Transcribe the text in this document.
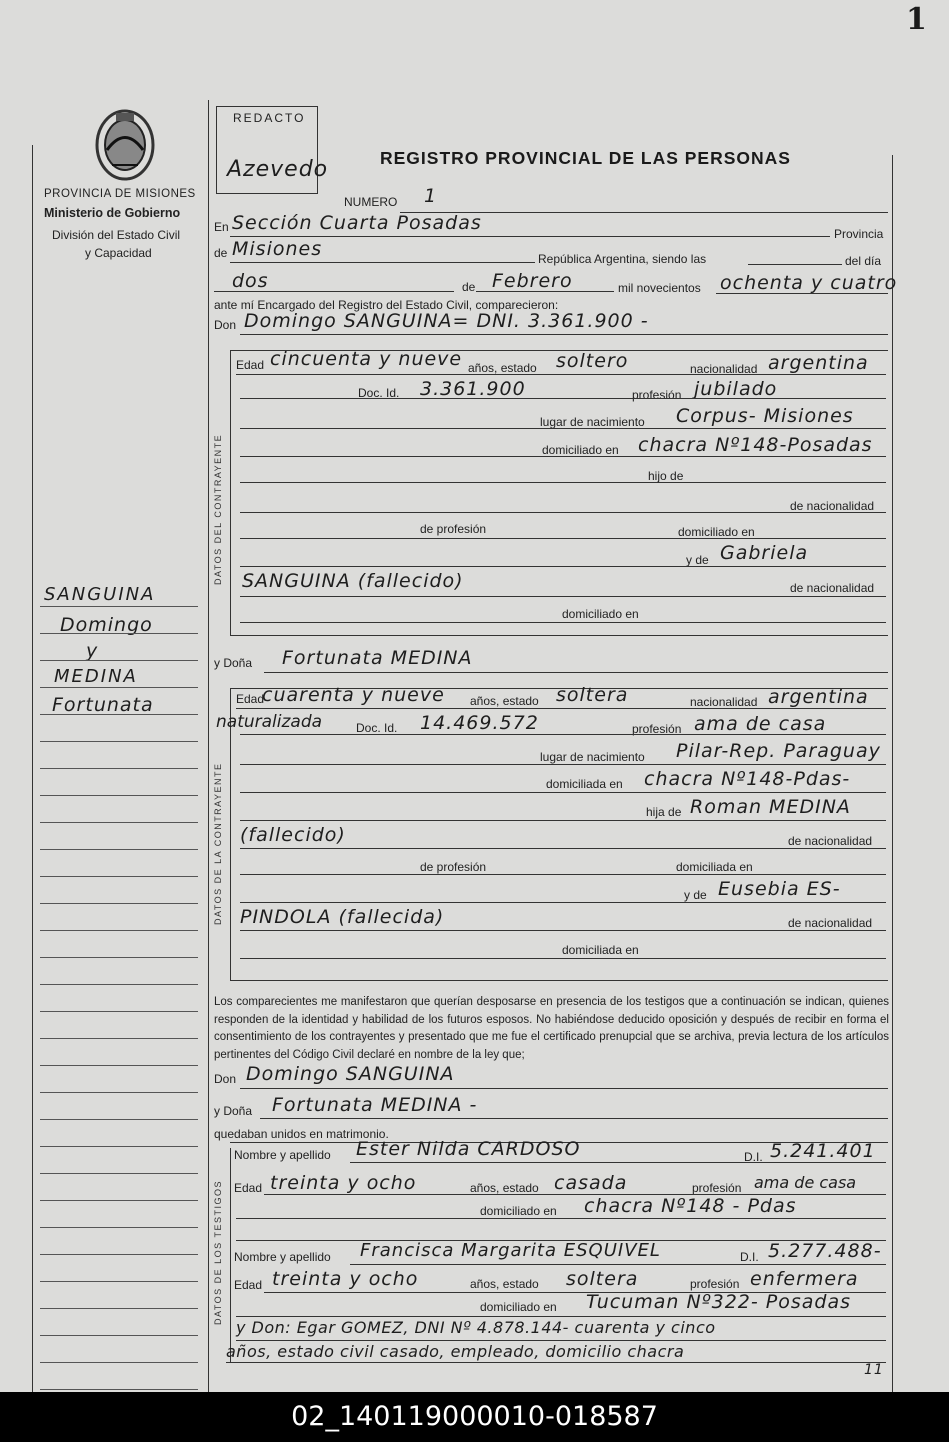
1
PROVINCIA DE MISIONES
Ministerio de Gobierno
División del Estado Civil
y Capacidad
REDACTO
Azevedo	REGISTRO PROVINCIAL DE LAS PERSONAS
NUMERO 1
En Sección Cuarta Posadas	Provincia
de Misiones	República Argentina, siendo las	del día
dos	de Febrero	mil novecientos ochenta y cuatro
ante mí Encargado del Registro del Estado Civil, comparecieron:
Don Domingo SANGUINA= DNI. 3.361.900 -
DATOS DEL CONTRAYENTE
Edad cincuenta y nueve años, estado soltero	nacionalidad argentina
Doc. Id. 3.361.900	profesión jubilado
lugar de nacimiento Corpus- Misiones
domiciliado en chacra Nº148-Posadas
hijo de
de nacionalidad
de profesión	domiciliado en
y de Gabriela
SANGUINA (fallecido)	de nacionalidad
domiciliado en
y Doña Fortunata MEDINA
DATOS DE LA CONTRAYENTE
Edad
cuarenta y nueve años, estado soltera	nacionalidad argentina
naturalizada	Doc. Id. 14.469.572	profesión ama de casa
lugar de nacimiento Pilar-Rep. Paraguay
domiciliada en chacra Nº148-Pdas-
hija de Roman MEDINA
(fallecido)	de nacionalidad
de profesión	domiciliada en
y de Eusebia ES-
PINDOLA (fallecida)	de nacionalidad
domiciliada en
Los comparecientes me manifestaron que querían desposarse en presencia de los testigos que a continuación se indican, quienes responden de la identidad y habilidad de los futuros esposos. No habiéndose deducido oposición y después de recibir en forma el consentimiento de los contrayentes y presentado que me fue el certificado prenupcial que se archiva, previa lectura de los artículos pertinentes del Código Civil declaré en nombre de la ley que;
Don Domingo SANGUINA
y Doña Fortunata MEDINA -
quedaban unidos en matrimonio.
DATOS DE LOS TESTIGOS
Nombre y apellido Ester Nilda CARDOSO	D.I. 5.241.401
Edad treinta y ocho	años, estado casada	profesión ama de casa
domiciliado en chacra Nº148 - Pdas
Nombre y apellido Francisca Margarita ESQUIVEL	D.I. 5.277.488-
Edad treinta y ocho	años, estado soltera	profesión enfermera
domiciliado en Tucuman Nº322- Posadas
y Don: Egar GOMEZ, DNI Nº 4.878.144- cuarenta y cinco
años, estado civil casado, empleado, domicilio chacra
11
SANGUINA
Domingo
y
MEDINA
Fortunata
02_140119000010-018587
